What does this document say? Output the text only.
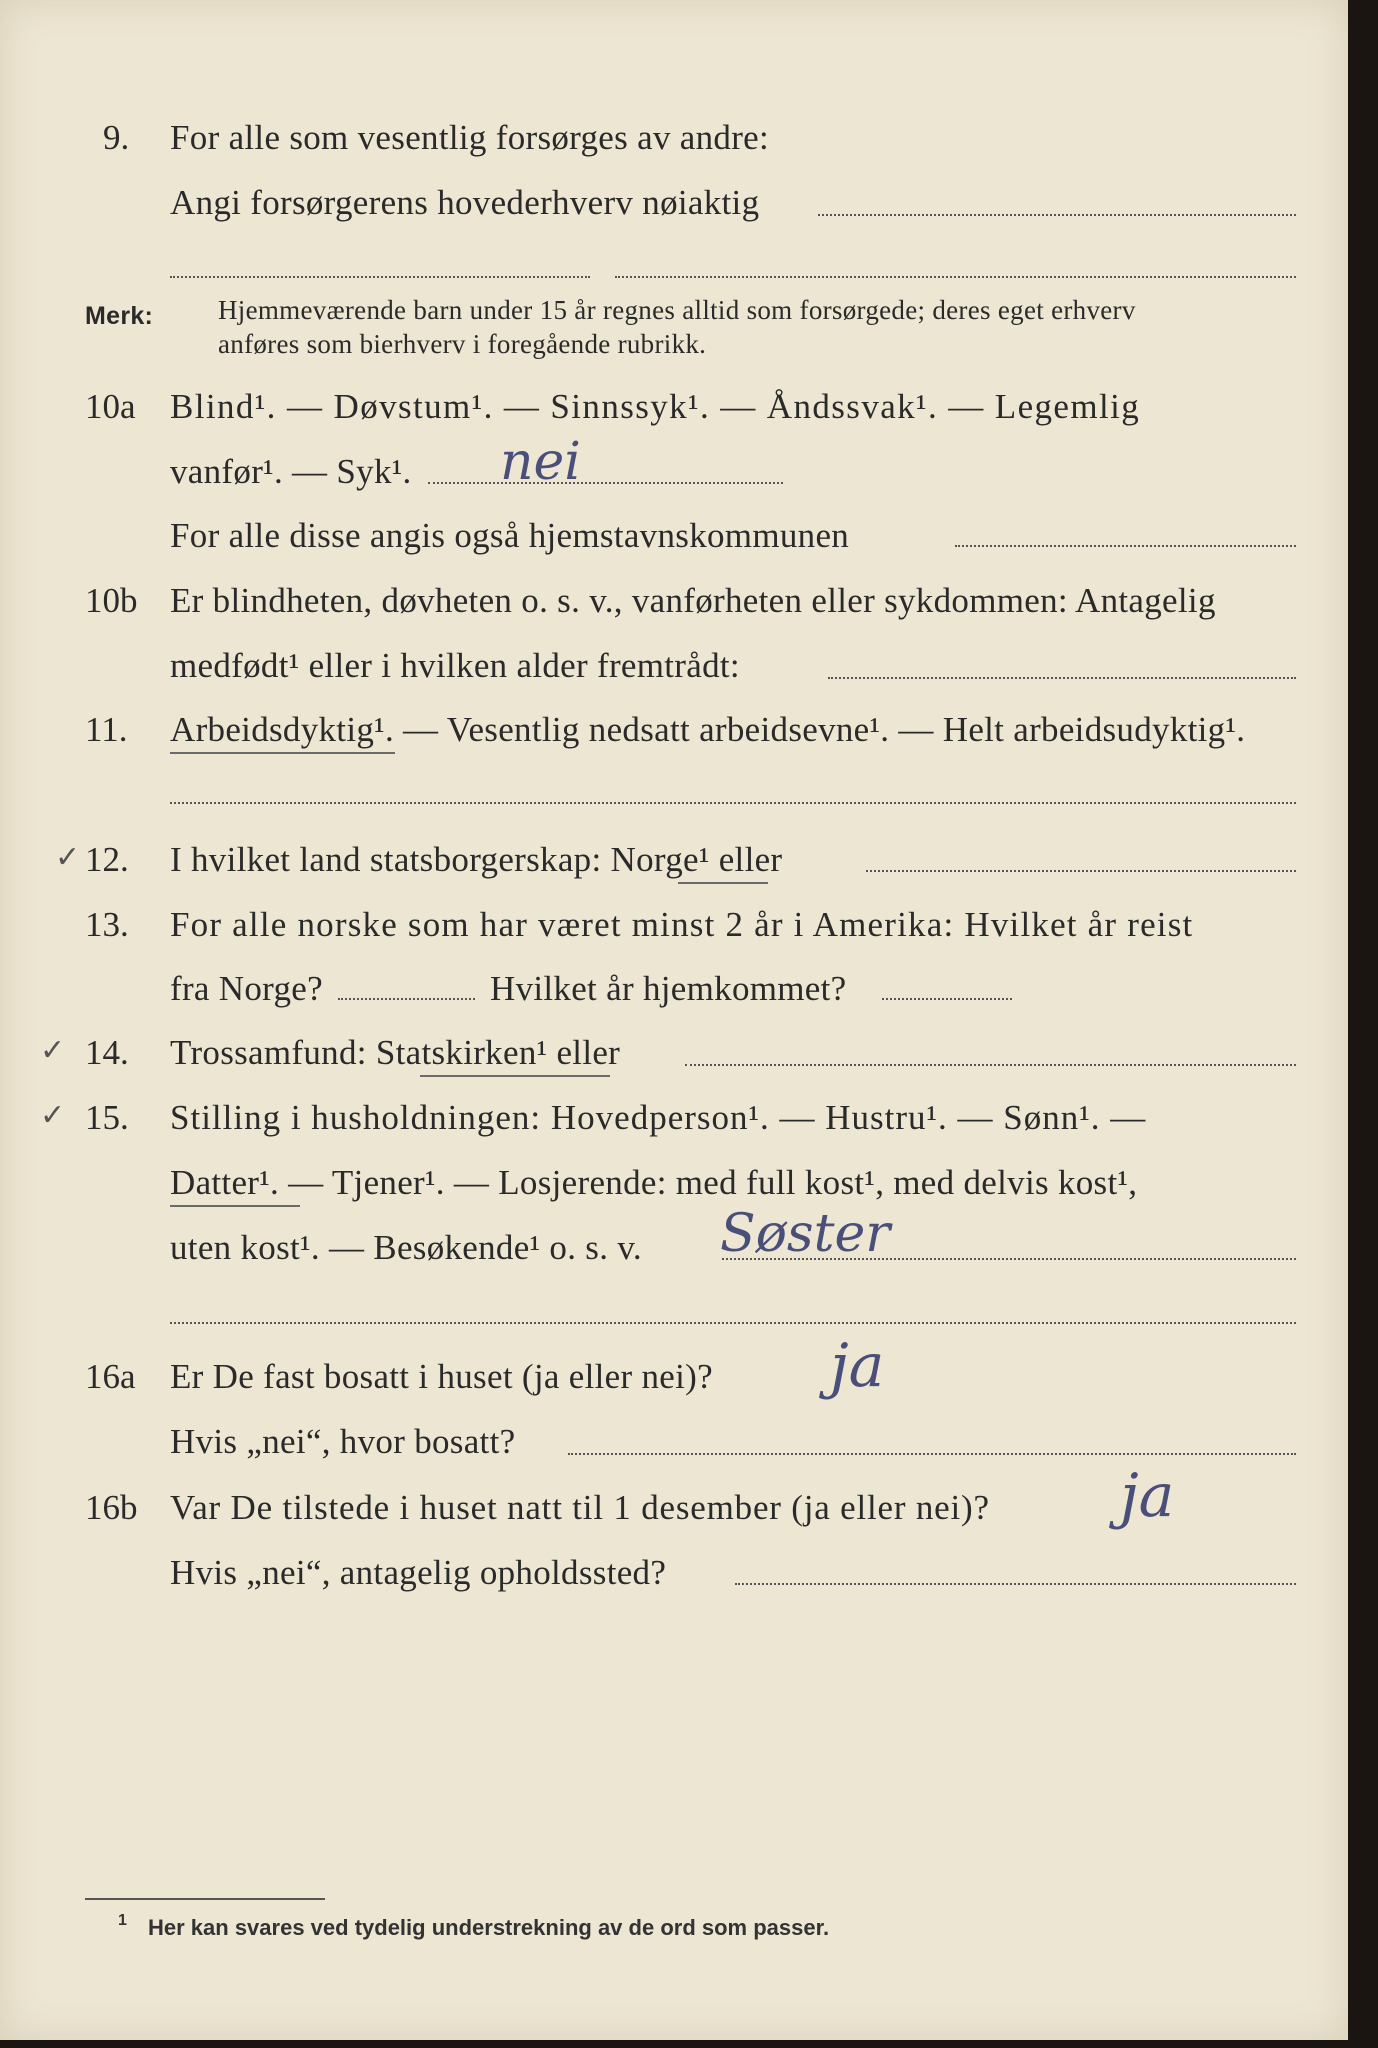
9. For alle som vesentlig forsørges av andre:
Angi forsørgerens hovederhverv nøiaktig
Merk: Hjemmeværende barn under 15 år regnes alltid som forsørgede; deres eget erhverv
anføres som bierhverv i foregående rubrikk.
10a Blind¹. — Døvstum¹. — Sinnssyk¹. — Åndssvak¹. — Legemlig
vanfør¹. — Syk¹. nei
For alle disse angis også hjemstavnskommunen
10b Er blindheten, døvheten o. s. v., vanførheten eller sykdommen: Antagelig
medfødt¹ eller i hvilken alder fremtrådt:
11. Arbeidsdyktig¹. — Vesentlig nedsatt arbeidsevne¹. — Helt arbeidsudyktig¹.
✓ 12. I hvilket land statsborgerskap: Norge¹ eller
13. For alle norske som har været minst 2 år i Amerika: Hvilket år reist
fra Norge?	Hvilket år hjemkommet?
✓ 14. Trossamfund: Statskirken¹ eller
✓ 15. Stilling i husholdningen: Hovedperson¹. — Hustru¹. — Sønn¹. —
Datter¹. — Tjener¹. — Losjerende: med full kost¹, med delvis kost¹,
uten kost¹. — Besøkende¹ o. s. v. Søster
16a Er De fast bosatt i huset (ja eller nei)? ja
Hvis „nei“, hvor bosatt?
16b Var De tilstede i huset natt til 1 desember (ja eller nei)? ja
Hvis „nei“, antagelig opholdssted?
1 Her kan svares ved tydelig understrekning av de ord som passer.
